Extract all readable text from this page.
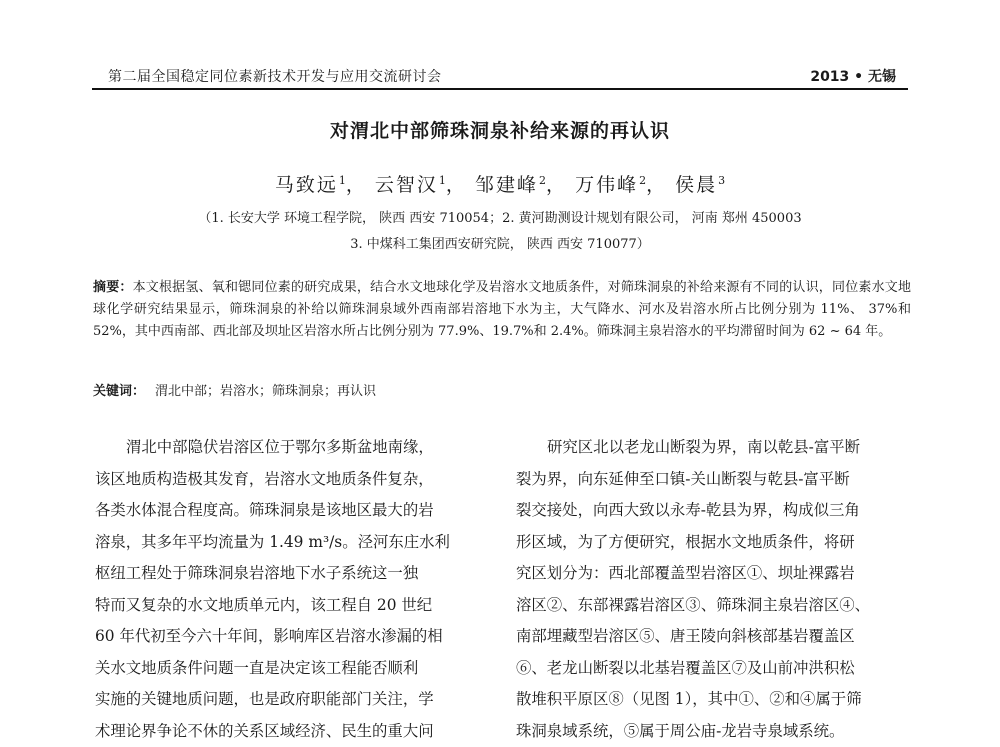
第二届全国稳定同位素新技术开发与应用交流研讨会	2013 • 无锡
对渭北中部筛珠洞泉补给来源的再认识
马致远$^1$， 云智汉$^1$， 邹建峰$^2$， 万伟峰$^2$， 侯晨$^3$
（1. 长安大学 环境工程学院， 陕西 西安 710054；2. 黄河勘测设计规划有限公司， 河南 郑州 450003
3. 中煤科工集团西安研究院， 陕西 西安 710077）
摘要：本文根据氢、氧和锶同位素的研究成果，结合水文地球化学及岩溶水文地质条件，对筛珠洞泉的补给来源有不同的认识，同位素水文地球化学研究结果显示，筛珠洞泉的补给以筛珠洞泉域外西南部岩溶地下水为主，大气降水、河水及岩溶水所占比例分别为 11%、 37%和 52%，其中西南部、西北部及坝址区岩溶水所占比例分别为 77.9%、19.7%和 2.4%。筛珠洞主泉岩溶水的平均滞留时间为 62 ~ 64 年。
关键词： 渭北中部；岩溶水；筛珠洞泉；再认识
渭北中部隐伏岩溶区位于鄂尔多斯盆地南缘，
该区地质构造极其发育，岩溶水文地质条件复杂，
各类水体混合程度高。筛珠洞泉是该地区最大的岩
溶泉，其多年平均流量为 1.49 m³/s。泾河东庄水利
枢纽工程处于筛珠洞泉岩溶地下水子系统这一独
特而又复杂的水文地质单元内，该工程自 20 世纪
60 年代初至今六十年间，影响库区岩溶水渗漏的相
关水文地质条件问题一直是决定该工程能否顺利
实施的关键地质问题，也是政府职能部门关注，学
术理论界争论不休的关系区域经济、民生的重大问
研究区北以老龙山断裂为界，南以乾县-富平断
裂为界，向东延伸至口镇-关山断裂与乾县-富平断
裂交接处，向西大致以永寿-乾县为界，构成似三角
形区域，为了方便研究，根据水文地质条件，将研
究区划分为：西北部覆盖型岩溶区①、坝址裸露岩
溶区②、东部裸露岩溶区③、筛珠洞主泉岩溶区④、
南部埋藏型岩溶区⑤、唐王陵向斜核部基岩覆盖区
⑥、老龙山断裂以北基岩覆盖区⑦及山前冲洪积松
散堆积平原区⑧（见图 1），其中①、②和④属于筛
珠洞泉域系统，⑤属于周公庙-龙岩寺泉域系统。
